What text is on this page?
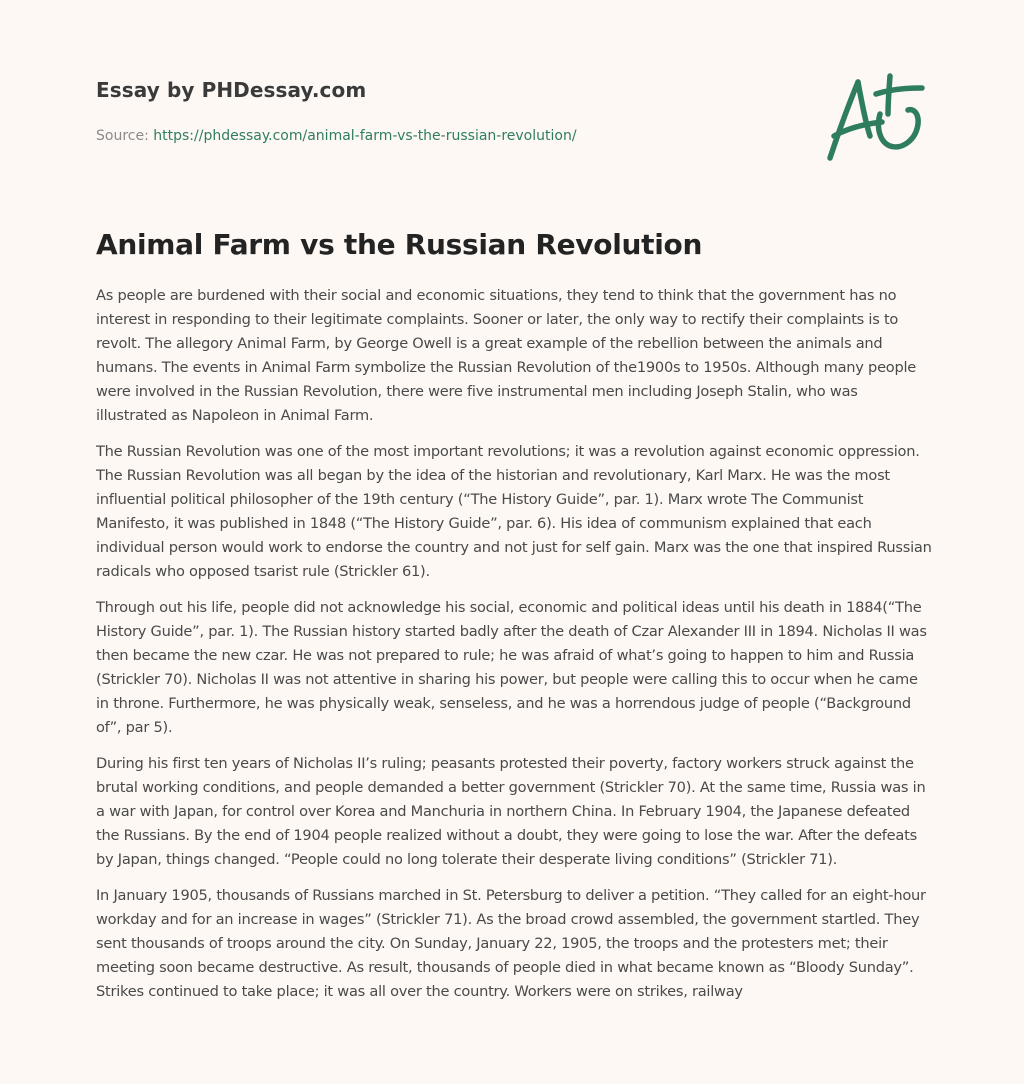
Essay by PHDessay.com
Source: https://phdessay.com/animal-farm-vs-the-russian-revolution/
Animal Farm vs the Russian Revolution

As people are burdened with their social and economic situations, they tend to think that the government has no interest in responding to their legitimate complaints. Sooner or later, the only way to rectify their complaints is to revolt. The allegory Animal Farm, by George Owell is a great example of the rebellion between the animals and humans. The events in Animal Farm symbolize the Russian Revolution of the1900s to 1950s. Although many people were involved in the Russian Revolution, there were five instrumental men including Joseph Stalin, who was illustrated as Napoleon in Animal Farm.

The Russian Revolution was one of the most important revolutions; it was a revolution against economic oppression. The Russian Revolution was all began by the idea of the historian and revolutionary, Karl Marx. He was the most influential political philosopher of the 19th century (“The History Guide”, par. 1). Marx wrote The Communist Manifesto, it was published in 1848 (“The History Guide”, par. 6). His idea of communism explained that each individual person would work to endorse the country and not just for self gain. Marx was the one that inspired Russian radicals who opposed tsarist rule (Strickler 61).

Through out his life, people did not acknowledge his social, economic and political ideas until his death in 1884(“The History Guide”, par. 1). The Russian history started badly after the death of Czar Alexander III in 1894. Nicholas II was then became the new czar. He was not prepared to rule; he was afraid of what’s going to happen to him and Russia (Strickler 70). Nicholas II was not attentive in sharing his power, but people were calling this to occur when he came in throne. Furthermore, he was physically weak, senseless, and he was a horrendous judge of people (“Background of”, par 5).

During his first ten years of Nicholas II’s ruling; peasants protested their poverty, factory workers struck against the brutal working conditions, and people demanded a better government (Strickler 70). At the same time, Russia was in a war with Japan, for control over Korea and Manchuria in northern China. In February 1904, the Japanese defeated the Russians. By the end of 1904 people realized without a doubt, they were going to lose the war. After the defeats by Japan, things changed. “People could no long tolerate their desperate living conditions” (Strickler 71).

In January 1905, thousands of Russians marched in St. Petersburg to deliver a petition. “They called for an eight-hour workday and for an increase in wages” (Strickler 71). As the broad crowd assembled, the government startled. They sent thousands of troops around the city. On Sunday, January 22, 1905, the troops and the protesters met; their meeting soon became destructive. As result, thousands of people died in what became known as “Bloody Sunday”. Strikes continued to take place; it was all over the country. Workers were on strikes, railway
